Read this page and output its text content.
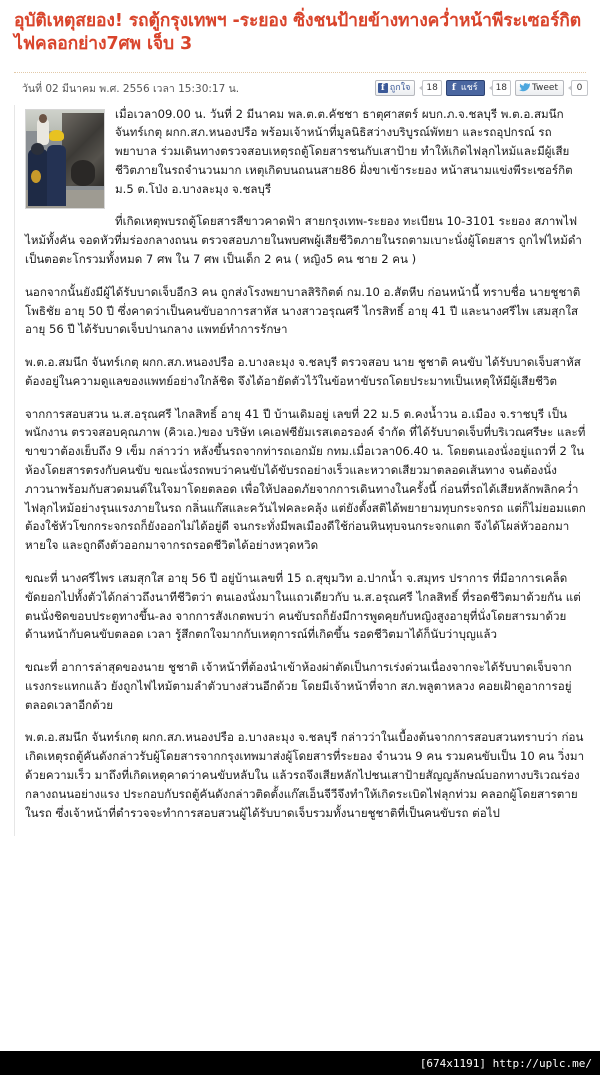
อุบัติเหตุสยอง! รถตู้กรุงเทพฯ -ระยอง ซิ่งชนป้ายข้างทางคว่ำหน้าพีระเซอร์กิต ไฟคลอกย่าง7ศพ เจ็บ 3
วันที่ 02 มีนาคม พ.ศ. 2556 เวลา 15:30:17 น.	f ถูกใจ	18	f แชร์	18	Tweet	0

เมื่อเวลา09.00 น. วันที่ 2 มีนาคม พล.ต.ต.คัชชา ธาตุศาสตร์ ผบก.ภ.จ.ชลบุรี พ.ต.อ.สมนึก จันทร์เกตุ ผกก.สภ.หนองปรือ พร้อมเจ้าหน้าที่มูลนิธิสว่างบริบูรณ์พัทยา และรถอุปกรณ์ รถพยาบาล ร่วมเดินทางตรวจสอบเหตุรถตู้โดยสารชนกับเสาป้าย ทำให้เกิดไฟลุกไหม้และมีผู้เสียชีวิตภายในรถจำนวนมาก เหตุเกิดบนถนนสาย86 ฝั่งขาเข้าระยอง หน้าสนามแข่งพีระเซอร์กิต ม.5 ต.โป่ง อ.บางละมุง จ.ชลบุรี

ที่เกิดเหตุพบรถตู้โดยสารสีขาวคาดฟ้า สายกรุงเทพ-ระยอง ทะเบียน 10-3101 ระยอง สภาพไฟไหม้ทั้งคัน จอดหัวที่มร่องกลางถนน ตรวจสอบภายในพบศพผู้เสียชีวิตภายในรถตามเบาะนั่งผู้โดยสาร ถูกไฟไหม้ดำเป็นตอตะโกรวมทั้งหมด 7 ศพ ใน 7 ศพ เป็นเด็ก 2 คน ( หญิง5 คน ชาย 2 คน )

นอกจากนั้นยังมีผู้ได้รับบาดเจ็บอีก3 คน ถูกส่งโรงพยาบาลสิริกิตต์ กม.10 อ.สัตหีบ ก่อนหน้านี้ ทราบชื่อ นายชูชาติ โพธิชัย อายุ 50 ปี ซึ่งคาดว่าเป็นคนขับอาการสาหัส นางสาวอรุณศรี ไกรสิทธิ์ อายุ 41 ปี และนางศรีไพ เสมสุกใส อายุ 56 ปี ได้รับบาดเจ็บปานกลาง แพทย์ทำการรักษา

พ.ต.อ.สมนึก จันทร์เกตุ ผกก.สภ.หนองปรือ อ.บางละมุง จ.ชลบุรี ตรวจสอบ นาย ชูชาติ คนขับ ได้รับบาดเจ็บสาหัสต้องอยู่ในความดูแลของแพทย์อย่างใกล้ชิด จึงได้อายัดตัวไว้ในข้อหาขับรถโดยประมาทเป็นเหตุให้มีผู้เสียชีวิต

จากการสอบสวน น.ส.อรุณศรี ไกลสิทธิ์ อายุ 41 ปี บ้านเดิมอยู่ เลขที่ 22 ม.5 ต.คงน้ำวน อ.เมือง จ.ราชบุรี เป็นพนักงาน ตรวจสอบคุณภาพ (คิวเอ.)ของ บริษัท เคเอฟซียัมเรสเตอรองค์ จำกัด ที่ได้รับบาดเจ็บที่บริเวณศรีษะ และที่ขาขวาต้องเย็บถึง 9 เข็ม กล่าวว่า หลังขึ้นรถจากท่ารถเอกมัย กทม.เมื่อเวลา06.40 น. โดยตนเองนั่งอยู่แถวที่ 2 ในห้องโดยสารตรงกับคนขับ ขณะนั่งรถพบว่าคนขับได้ขับรถอย่างเร็วและหวาดเสียวมาตลอดเส้นทาง จนต้องนั่งภาวนาพร้อมกับสวดมนต์ในใจมาโดยตลอด เพื่อให้ปลอดภัยจากการเดินทางในครั้งนี้ ก่อนที่รถได้เสียหลักพลิกคว่ำไฟลุกไหม้อย่างรุนแรงภายในรถ กลิ่นแก๊สและควันไฟคละคลุ้ง แต่ยังตั้งสติได้พยายามทุบกระจกรถ แต่ก็ไม่ยอมแตกต้องใช้หัวโขกกระจกรถก็ยังออกไม่ได้อยู่ดี จนกระทั่งมีพลเมืองดีใช้ก่อนหินทุบจนกระจกแตก จึงได้โผล่หัวออกมาหายใจ และถูกดึงตัวออกมาจากรถรอดชีวิตได้อย่างหวุดหวิด

ขณะที่ นางศรีไพร เสมสุกใส อายุ 56 ปี อยู่บ้านเลขที่ 15 ถ.สุขุมวิท อ.ปากน้ำ จ.สมุทร ปราการ ที่มีอาการเคล็ดขัดยอกไปทั้งตัวได้กล่าวถึงนาทีชีวิตว่า ตนเองนั่งมาในแถวเดียวกับ น.ส.อรุณศรี ไกลสิทธิ์ ที่รอดชีวิตมาด้วยกัน แต่ตนนั่งชิดขอบประตูทางขึ้น-ลง จากการสังเกตพบว่า คนขับรถก็ยังมีการพูดคุยกับหญิงสูงอายุที่นั่งโดยสารมาด้วยด้านหน้ากับคนขับตลอด เวลา รู้สึกตกใจมากกับเหตุการณ์ที่เกิดขึ้น รอดชีวิตมาได้ก็นับว่าบุญแล้ว

ขณะที่ อาการล่าสุดของนาย ชูชาติ เจ้าหน้าที่ต้องนำเข้าห้องผ่าตัดเป็นการเร่งด่วนเนื่องจากจะได้รับบาดเจ็บจากแรงกระแทกแล้ว ยังถูกไฟไหม้ตามลำตัวบางส่วนอีกด้วย โดยมีเจ้าหน้าที่จาก สภ.พลูตาหลวง คอยเฝ้าดูอาการอยู่ตลอดเวลาอีกด้วย

พ.ต.อ.สมนึก จันทร์เกตุ ผกก.สภ.หนองปรือ อ.บางละมุง จ.ชลบุรี กล่าวว่าในเบื้องต้นจากการสอบสวนทราบว่า ก่อนเกิดเหตุรถตู้คันดังกล่าวรับผู้โดยสารจากกรุงเทพมาส่งผู้โดยสารที่ระยอง จำนวน 9 คน รวมคนขับเป็น 10 คน วิ่งมาด้วยความเร็ว มาถึงที่เกิดเหตุคาดว่าคนขับหลับใน แล้วรถจึงเสียหลักไปชนเสาป้ายสัญญลักษณ์บอกทางบริเวณร่องกลางถนนอย่างแรง ประกอบกับรถตู้คันดังกล่าวติดตั้งแก๊สเอ็นจีวีจึงทำให้เกิดระเบิดไฟลุกท่วม คลอกผู้โดยสารตายในรถ ซึ่งเจ้าหน้าที่ตำรวจจะทำการสอบสวนผู้ได้รับบาดเจ็บรวมทั้งนายชูชาติที่เป็นคนขับรถ ต่อไป

[674x1191] http://uplc.me/
